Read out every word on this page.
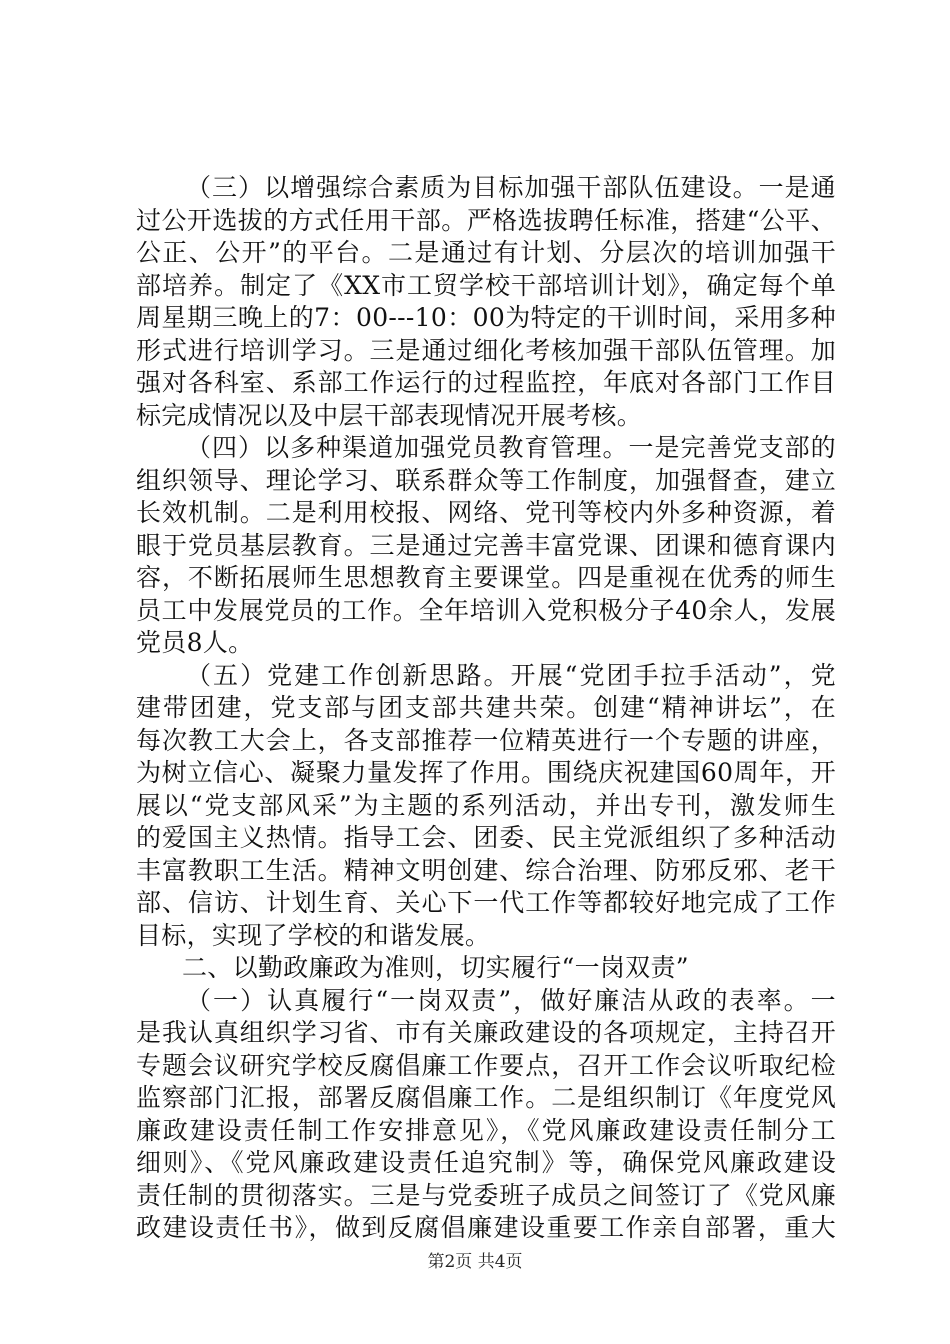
（三）以增强综合素质为目标加强干部队伍建设。一是通
过公开选拔的方式任用干部。严格选拔聘任标准，搭建“公平、
公正、公开”的平台。二是通过有计划、分层次的培训加强干
部培养。制定了《XX市工贸学校干部培训计划》，确定每个单
周星期三晚上的7：00---10：00为特定的干训时间，采用多种
形式进行培训学习。三是通过细化考核加强干部队伍管理。加
强对各科室、系部工作运行的过程监控，年底对各部门工作目
标完成情况以及中层干部表现情况开展考核。
（四）以多种渠道加强党员教育管理。一是完善党支部的
组织领导、理论学习、联系群众等工作制度，加强督查，建立
长效机制。二是利用校报、网络、党刊等校内外多种资源，着
眼于党员基层教育。三是通过完善丰富党课、团课和德育课内
容，不断拓展师生思想教育主要课堂。四是重视在优秀的师生
员工中发展党员的工作。全年培训入党积极分子40余人，发展
党员8人。
（五）党建工作创新思路。开展“党团手拉手活动”，党
建带团建，党支部与团支部共建共荣。创建“精神讲坛”，在
每次教工大会上，各支部推荐一位精英进行一个专题的讲座，
为树立信心、凝聚力量发挥了作用。围绕庆祝建国60周年，开
展以“党支部风采”为主题的系列活动，并出专刊，激发师生
的爱国主义热情。指导工会、团委、民主党派组织了多种活动
丰富教职工生活。精神文明创建、综合治理、防邪反邪、老干
部、信访、计划生育、关心下一代工作等都较好地完成了工作
目标，实现了学校的和谐发展。
二、以勤政廉政为准则，切实履行“一岗双责”
（一）认真履行“一岗双责”，做好廉洁从政的表率。一
是我认真组织学习省、市有关廉政建设的各项规定，主持召开
专题会议研究学校反腐倡廉工作要点，召开工作会议听取纪检
监察部门汇报，部署反腐倡廉工作。二是组织制订《年度党风
廉政建设责任制工作安排意见》，《党风廉政建设责任制分工
细则》、《党风廉政建设责任追究制》等，确保党风廉政建设
责任制的贯彻落实。三是与党委班子成员之间签订了《党风廉
政建设责任书》，做到反腐倡廉建设重要工作亲自部署，重大
第2页 共4页
